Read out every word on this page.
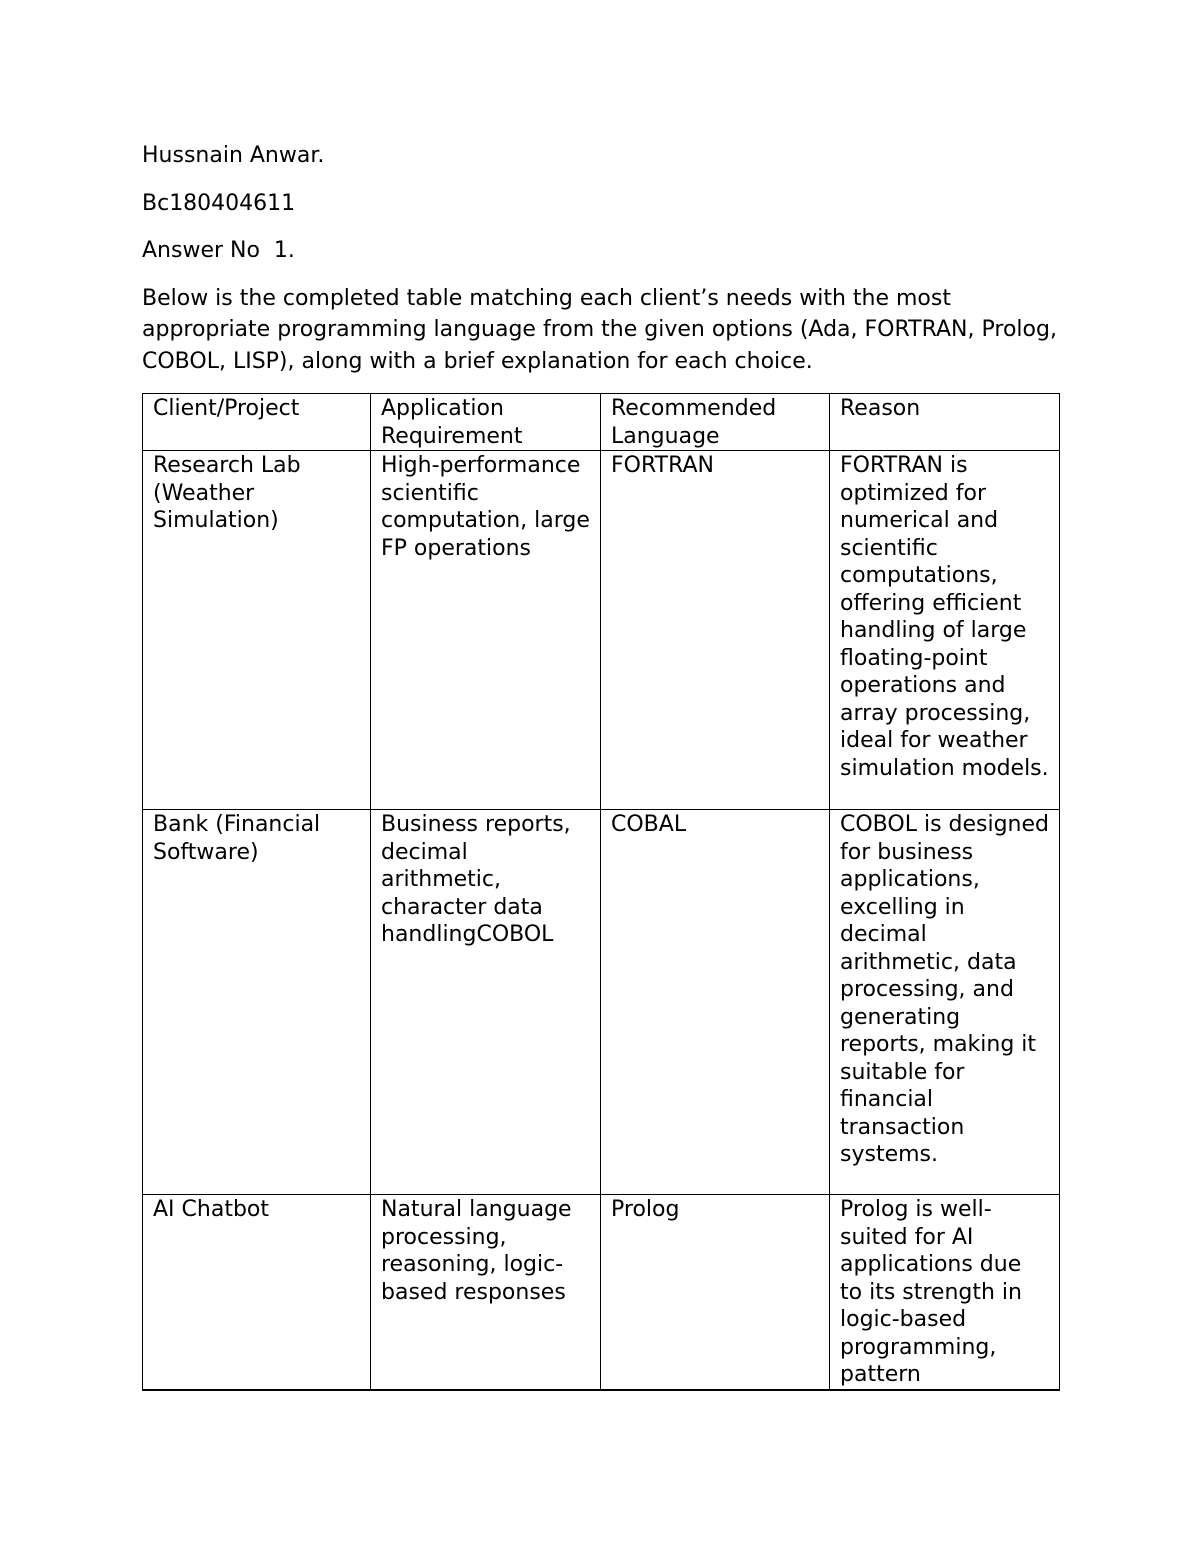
Hussnain Anwar.

Bc180404611

Answer No  1.

Below is the completed table matching each client’s needs with the most appropriate programming language from the given options (Ada, FORTRAN, Prolog, COBOL, LISP), along with a brief explanation for each choice.

Client/Project	Application Requirement	Recommended Language	Reason
Research Lab (Weather Simulation)	High-performance scientific computation, large FP operations	FORTRAN	FORTRAN is optimized for numerical and scientific computations, offering efficient handling of large floating-point operations and array processing, ideal for weather simulation models.
Bank (Financial Software)	Business reports, decimal arithmetic, character data handlingCOBOL	COBAL	COBOL is designed for business applications, excelling in decimal arithmetic, data processing, and generating reports, making it suitable for financial transaction systems.
AI Chatbot	Natural language processing, reasoning, logic-based responses	Prolog	Prolog is well-suited for AI applications due to its strength in logic-based programming, pattern
